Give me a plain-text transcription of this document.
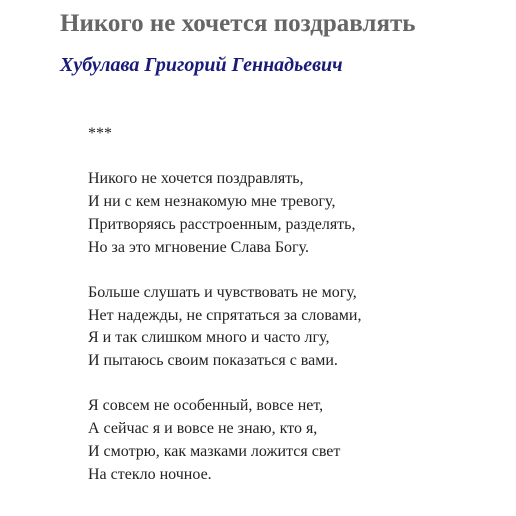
Никого не хочется поздравлять
Хубулава Григорий Геннадьевич
***
Никого не хочется поздравлять,
И ни с кем незнакомую мне тревогу,
Притворяясь расстроенным, разделять,
Но за это мгновение Слава Богу.
Больше слушать и чувствовать не могу,
Нет надежды, не спрятаться за словами,
Я и так слишком много и часто лгу,
И пытаюсь своим показаться с вами.
Я совсем не особенный, вовсе нет,
А сейчас я и вовсе не знаю, кто я,
И смотрю, как мазками ложится свет
На стекло ночное.
